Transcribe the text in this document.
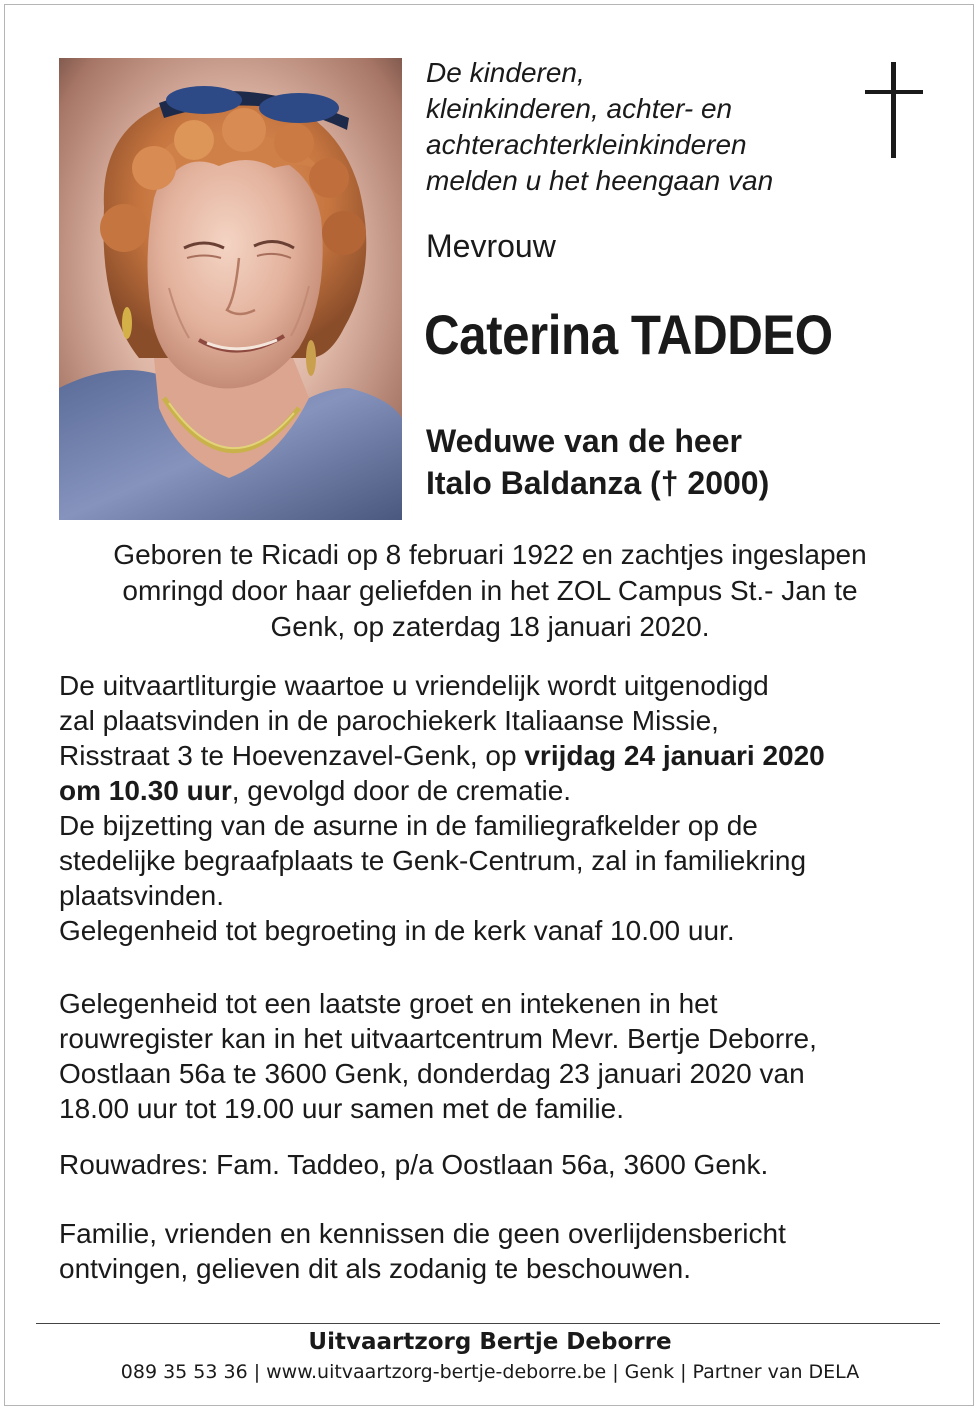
De kinderen,
kleinkinderen, achter- en
achterachterkleinkinderen
melden u het heengaan van

Mevrouw

Caterina TADDEO

Weduwe van de heer
Italo Baldanza († 2000)

Geboren te Ricadi op 8 februari 1922 en zachtjes ingeslapen
omringd door haar geliefden in het ZOL Campus St.- Jan te
Genk, op zaterdag 18 januari 2020.

De uitvaartliturgie waartoe u vriendelijk wordt uitgenodigd
zal plaatsvinden in de parochiekerk Italiaanse Missie,
Risstraat 3 te Hoevenzavel-Genk, op vrijdag 24 januari 2020
om 10.30 uur, gevolgd door de crematie.
De bijzetting van de asurne in de familiegrafkelder op de
stedelijke begraafplaats te Genk-Centrum, zal in familiekring
plaatsvinden.
Gelegenheid tot begroeting in de kerk vanaf 10.00 uur.

Gelegenheid tot een laatste groet en intekenen in het
rouwregister kan in het uitvaartcentrum Mevr. Bertje Deborre,
Oostlaan 56a te 3600 Genk, donderdag 23 januari 2020 van
18.00 uur tot 19.00 uur samen met de familie.

Rouwadres: Fam. Taddeo, p/a Oostlaan 56a, 3600 Genk.

Familie, vrienden en kennissen die geen overlijdensbericht
ontvingen, gelieven dit als zodanig te beschouwen.

Uitvaartzorg Bertje Deborre

089 35 53 36 | www.uitvaartzorg-bertje-deborre.be | Genk | Partner van DELA
